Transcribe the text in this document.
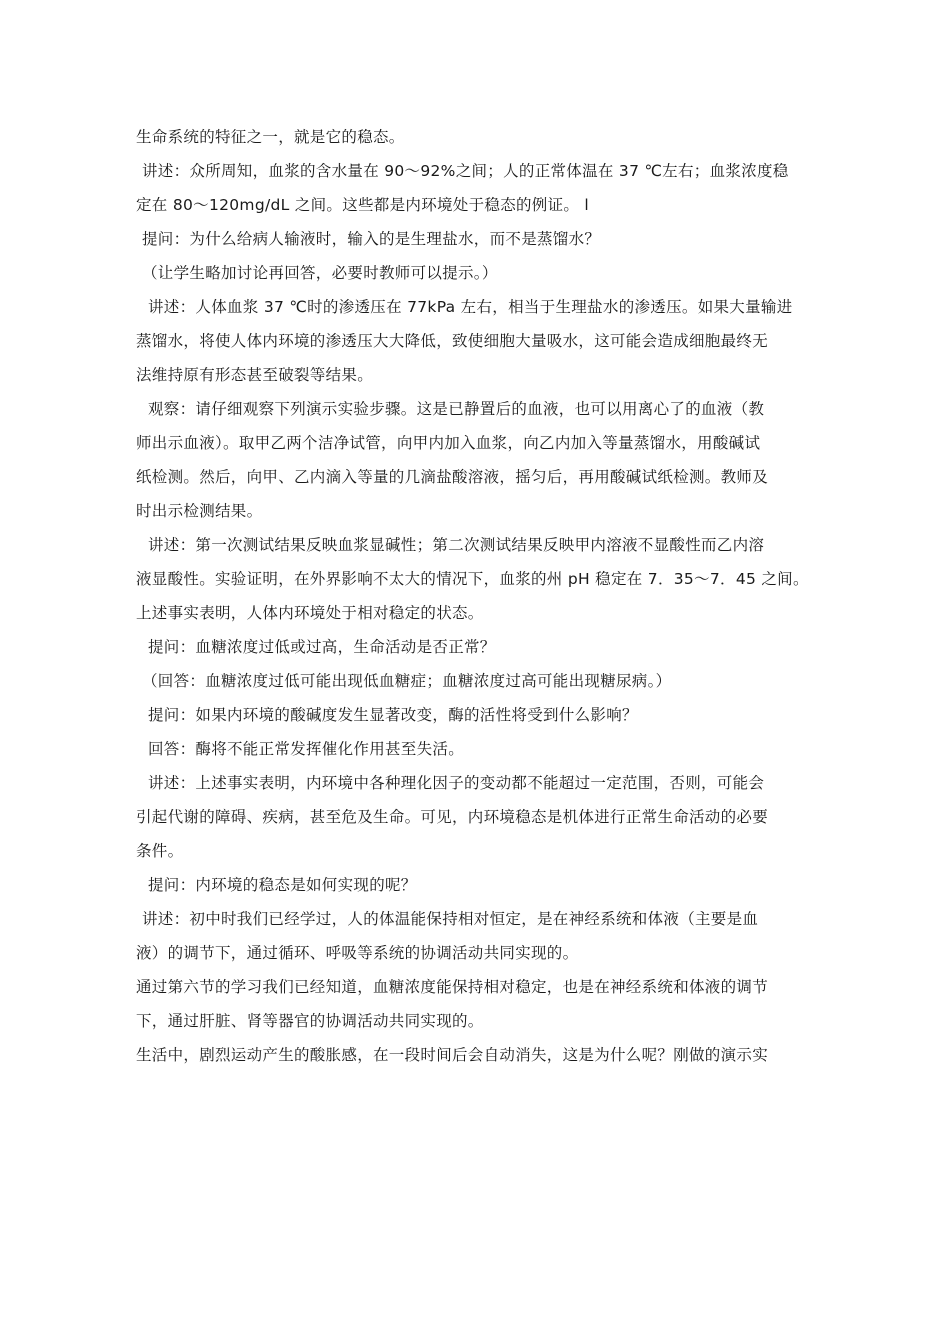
生命系统的特征之一，就是它的稳态。
讲述：众所周知，血浆的含水量在 90～92%之间；人的正常体温在 37 ℃左右；血浆浓度稳
定在 80～120mg/dL 之间。这些都是内环境处于稳态的例证。 l
提问：为什么给病人输液时，输入的是生理盐水，而不是蒸馏水？
（让学生略加讨论再回答，必要时教师可以提示。）
讲述：人体血浆 37 ℃时的渗透压在 77kPa 左右，相当于生理盐水的渗透压。如果大量输进
蒸馏水，将使人体内环境的渗透压大大降低，致使细胞大量吸水，这可能会造成细胞最终无
法维持原有形态甚至破裂等结果。
观察：请仔细观察下列演示实验步骤。这是已静置后的血液，也可以用离心了的血液（教
师出示血液）。取甲乙两个洁净试管，向甲内加入血浆，向乙内加入等量蒸馏水，用酸碱试
纸检测。然后，向甲、乙内滴入等量的几滴盐酸溶液，摇匀后，再用酸碱试纸检测。教师及
时出示检测结果。
讲述：第一次测试结果反映血浆显碱性；第二次测试结果反映甲内溶液不显酸性而乙内溶
液显酸性。实验证明，在外界影响不太大的情况下，血浆的州 pH 稳定在 7．35～7．45 之间。
上述事实表明，人体内环境处于相对稳定的状态。
提问：血糖浓度过低或过高，生命活动是否正常？
（回答：血糖浓度过低可能出现低血糖症；血糖浓度过高可能出现糖尿病。）
提问：如果内环境的酸碱度发生显著改变，酶的活性将受到什么影响？
回答：酶将不能正常发挥催化作用甚至失活。
讲述：上述事实表明，内环境中各种理化因子的变动都不能超过一定范围，否则，可能会
引起代谢的障碍、疾病，甚至危及生命。可见，内环境稳态是机体进行正常生命活动的必要
条件。
提问：内环境的稳态是如何实现的呢？
讲述：初中时我们已经学过，人的体温能保持相对恒定，是在神经系统和体液（主要是血
液）的调节下，通过循环、呼吸等系统的协调活动共同实现的。
通过第六节的学习我们已经知道，血糖浓度能保持相对稳定，也是在神经系统和体液的调节
下，通过肝脏、肾等器官的协调活动共同实现的。
生活中，剧烈运动产生的酸胀感，在一段时间后会自动消失，这是为什么呢？刚做的演示实
